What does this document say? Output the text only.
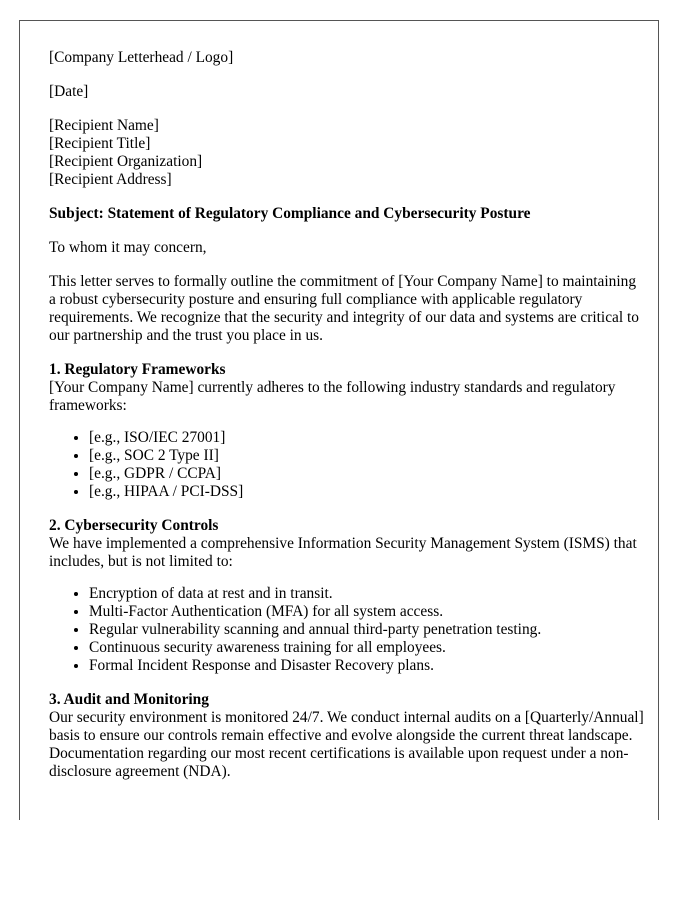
[Company Letterhead / Logo]

[Date]

[Recipient Name]
[Recipient Title]
[Recipient Organization]
[Recipient Address]

Subject: Statement of Regulatory Compliance and Cybersecurity Posture

To whom it may concern,

This letter serves to formally outline the commitment of [Your Company Name] to maintaining a robust cybersecurity posture and ensuring full compliance with applicable regulatory requirements. We recognize that the security and integrity of our data and systems are critical to our partnership and the trust you place in us.

1. Regulatory Frameworks

[Your Company Name] currently adheres to the following industry standards and regulatory frameworks:

• [e.g., ISO/IEC 27001]
• [e.g., SOC 2 Type II]
• [e.g., GDPR / CCPA]
• [e.g., HIPAA / PCI-DSS]
2. Cybersecurity Controls

We have implemented a comprehensive Information Security Management System (ISMS) that includes, but is not limited to:

• Encryption of data at rest and in transit.
• Multi-Factor Authentication (MFA) for all system access.
• Regular vulnerability scanning and annual third-party penetration testing.
• Continuous security awareness training for all employees.
• Formal Incident Response and Disaster Recovery plans.
3. Audit and Monitoring

Our security environment is monitored 24/7. We conduct internal audits on a [Quarterly/Annual] basis to ensure our controls remain effective and evolve alongside the current threat landscape. Documentation regarding our most recent certifications is available upon request under a non-disclosure agreement (NDA).
